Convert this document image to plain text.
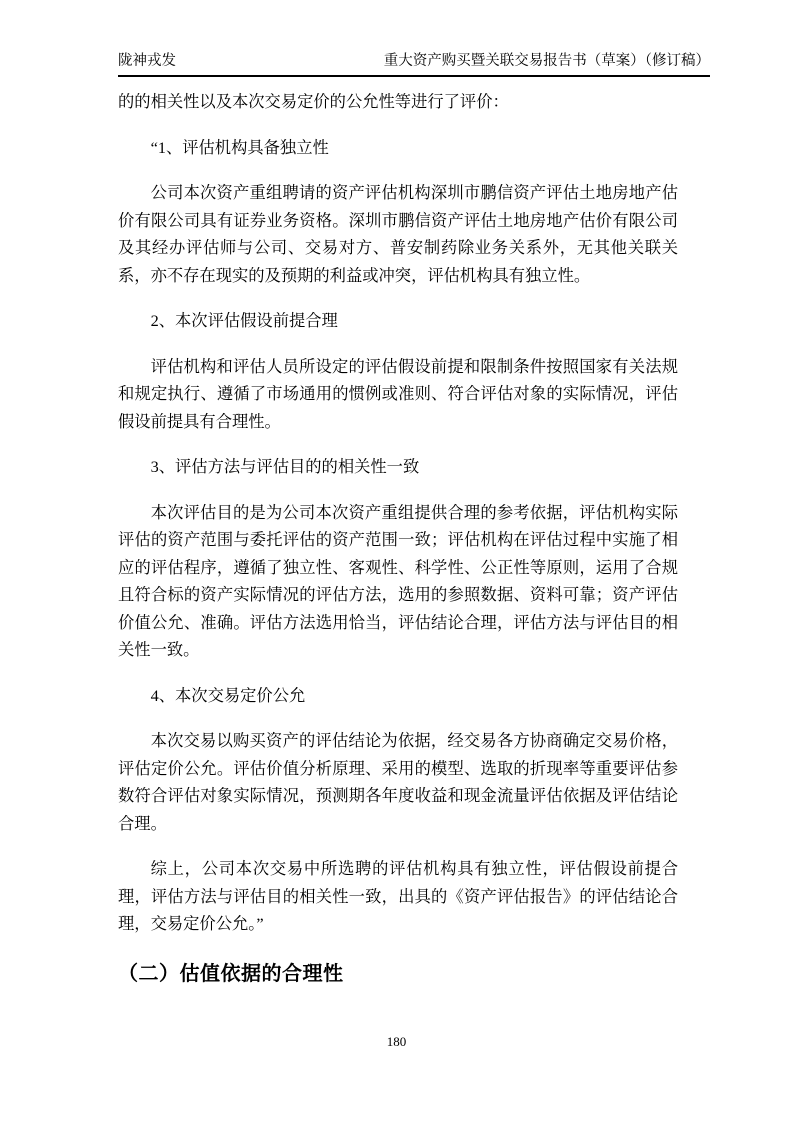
陇神戎发	重大资产购买暨关联交易报告书（草案）（修订稿）

的的相关性以及本次交易定价的公允性等进行了评价：

“1、评估机构具备独立性

公司本次资产重组聘请的资产评估机构深圳市鹏信资产评估土地房地产估价有限公司具有证券业务资格。深圳市鹏信资产评估土地房地产估价有限公司及其经办评估师与公司、交易对方、普安制药除业务关系外，无其他关联关系，亦不存在现实的及预期的利益或冲突，评估机构具有独立性。

2、本次评估假设前提合理

评估机构和评估人员所设定的评估假设前提和限制条件按照国家有关法规和规定执行、遵循了市场通用的惯例或准则、符合评估对象的实际情况，评估假设前提具有合理性。

3、评估方法与评估目的的相关性一致

本次评估目的是为公司本次资产重组提供合理的参考依据，评估机构实际评估的资产范围与委托评估的资产范围一致；评估机构在评估过程中实施了相应的评估程序，遵循了独立性、客观性、科学性、公正性等原则，运用了合规且符合标的资产实际情况的评估方法，选用的参照数据、资料可靠；资产评估价值公允、准确。评估方法选用恰当，评估结论合理，评估方法与评估目的相关性一致。

4、本次交易定价公允

本次交易以购买资产的评估结论为依据，经交易各方协商确定交易价格，评估定价公允。评估价值分析原理、采用的模型、选取的折现率等重要评估参数符合评估对象实际情况，预测期各年度收益和现金流量评估依据及评估结论合理。

综上，公司本次交易中所选聘的评估机构具有独立性，评估假设前提合理，评估方法与评估目的相关性一致，出具的《资产评估报告》的评估结论合理，交易定价公允。”

（二）估值依据的合理性
180
